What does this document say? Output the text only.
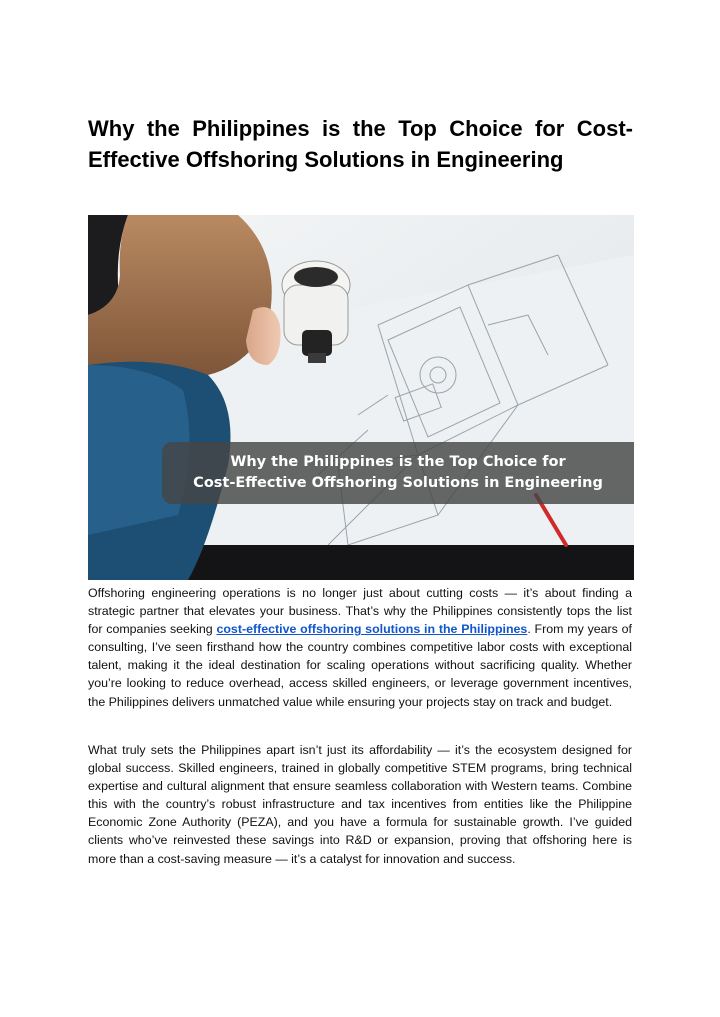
Why the Philippines is the Top Choice for Cost-Effective Offshoring Solutions in Engineering
Why the Philippines is the Top Choice for
Cost-Effective Offshoring Solutions in Engineering

Offshoring engineering operations is no longer just about cutting costs — it’s about finding a strategic partner that elevates your business. That’s why the Philippines consistently tops the list for companies seeking cost-effective offshoring solutions in the Philippines. From my years of consulting, I’ve seen firsthand how the country combines competitive labor costs with exceptional talent, making it the ideal destination for scaling operations without sacrificing quality. Whether you’re looking to reduce overhead, access skilled engineers, or leverage government incentives, the Philippines delivers unmatched value while ensuring your projects stay on track and budget.

What truly sets the Philippines apart isn’t just its affordability — it’s the ecosystem designed for global success. Skilled engineers, trained in globally competitive STEM programs, bring technical expertise and cultural alignment that ensure seamless collaboration with Western teams. Combine this with the country’s robust infrastructure and tax incentives from entities like the Philippine Economic Zone Authority (PEZA), and you have a formula for sustainable growth. I’ve guided clients who’ve reinvested these savings into R&D or expansion, proving that offshoring here is more than a cost-saving measure — it’s a catalyst for innovation and success.
